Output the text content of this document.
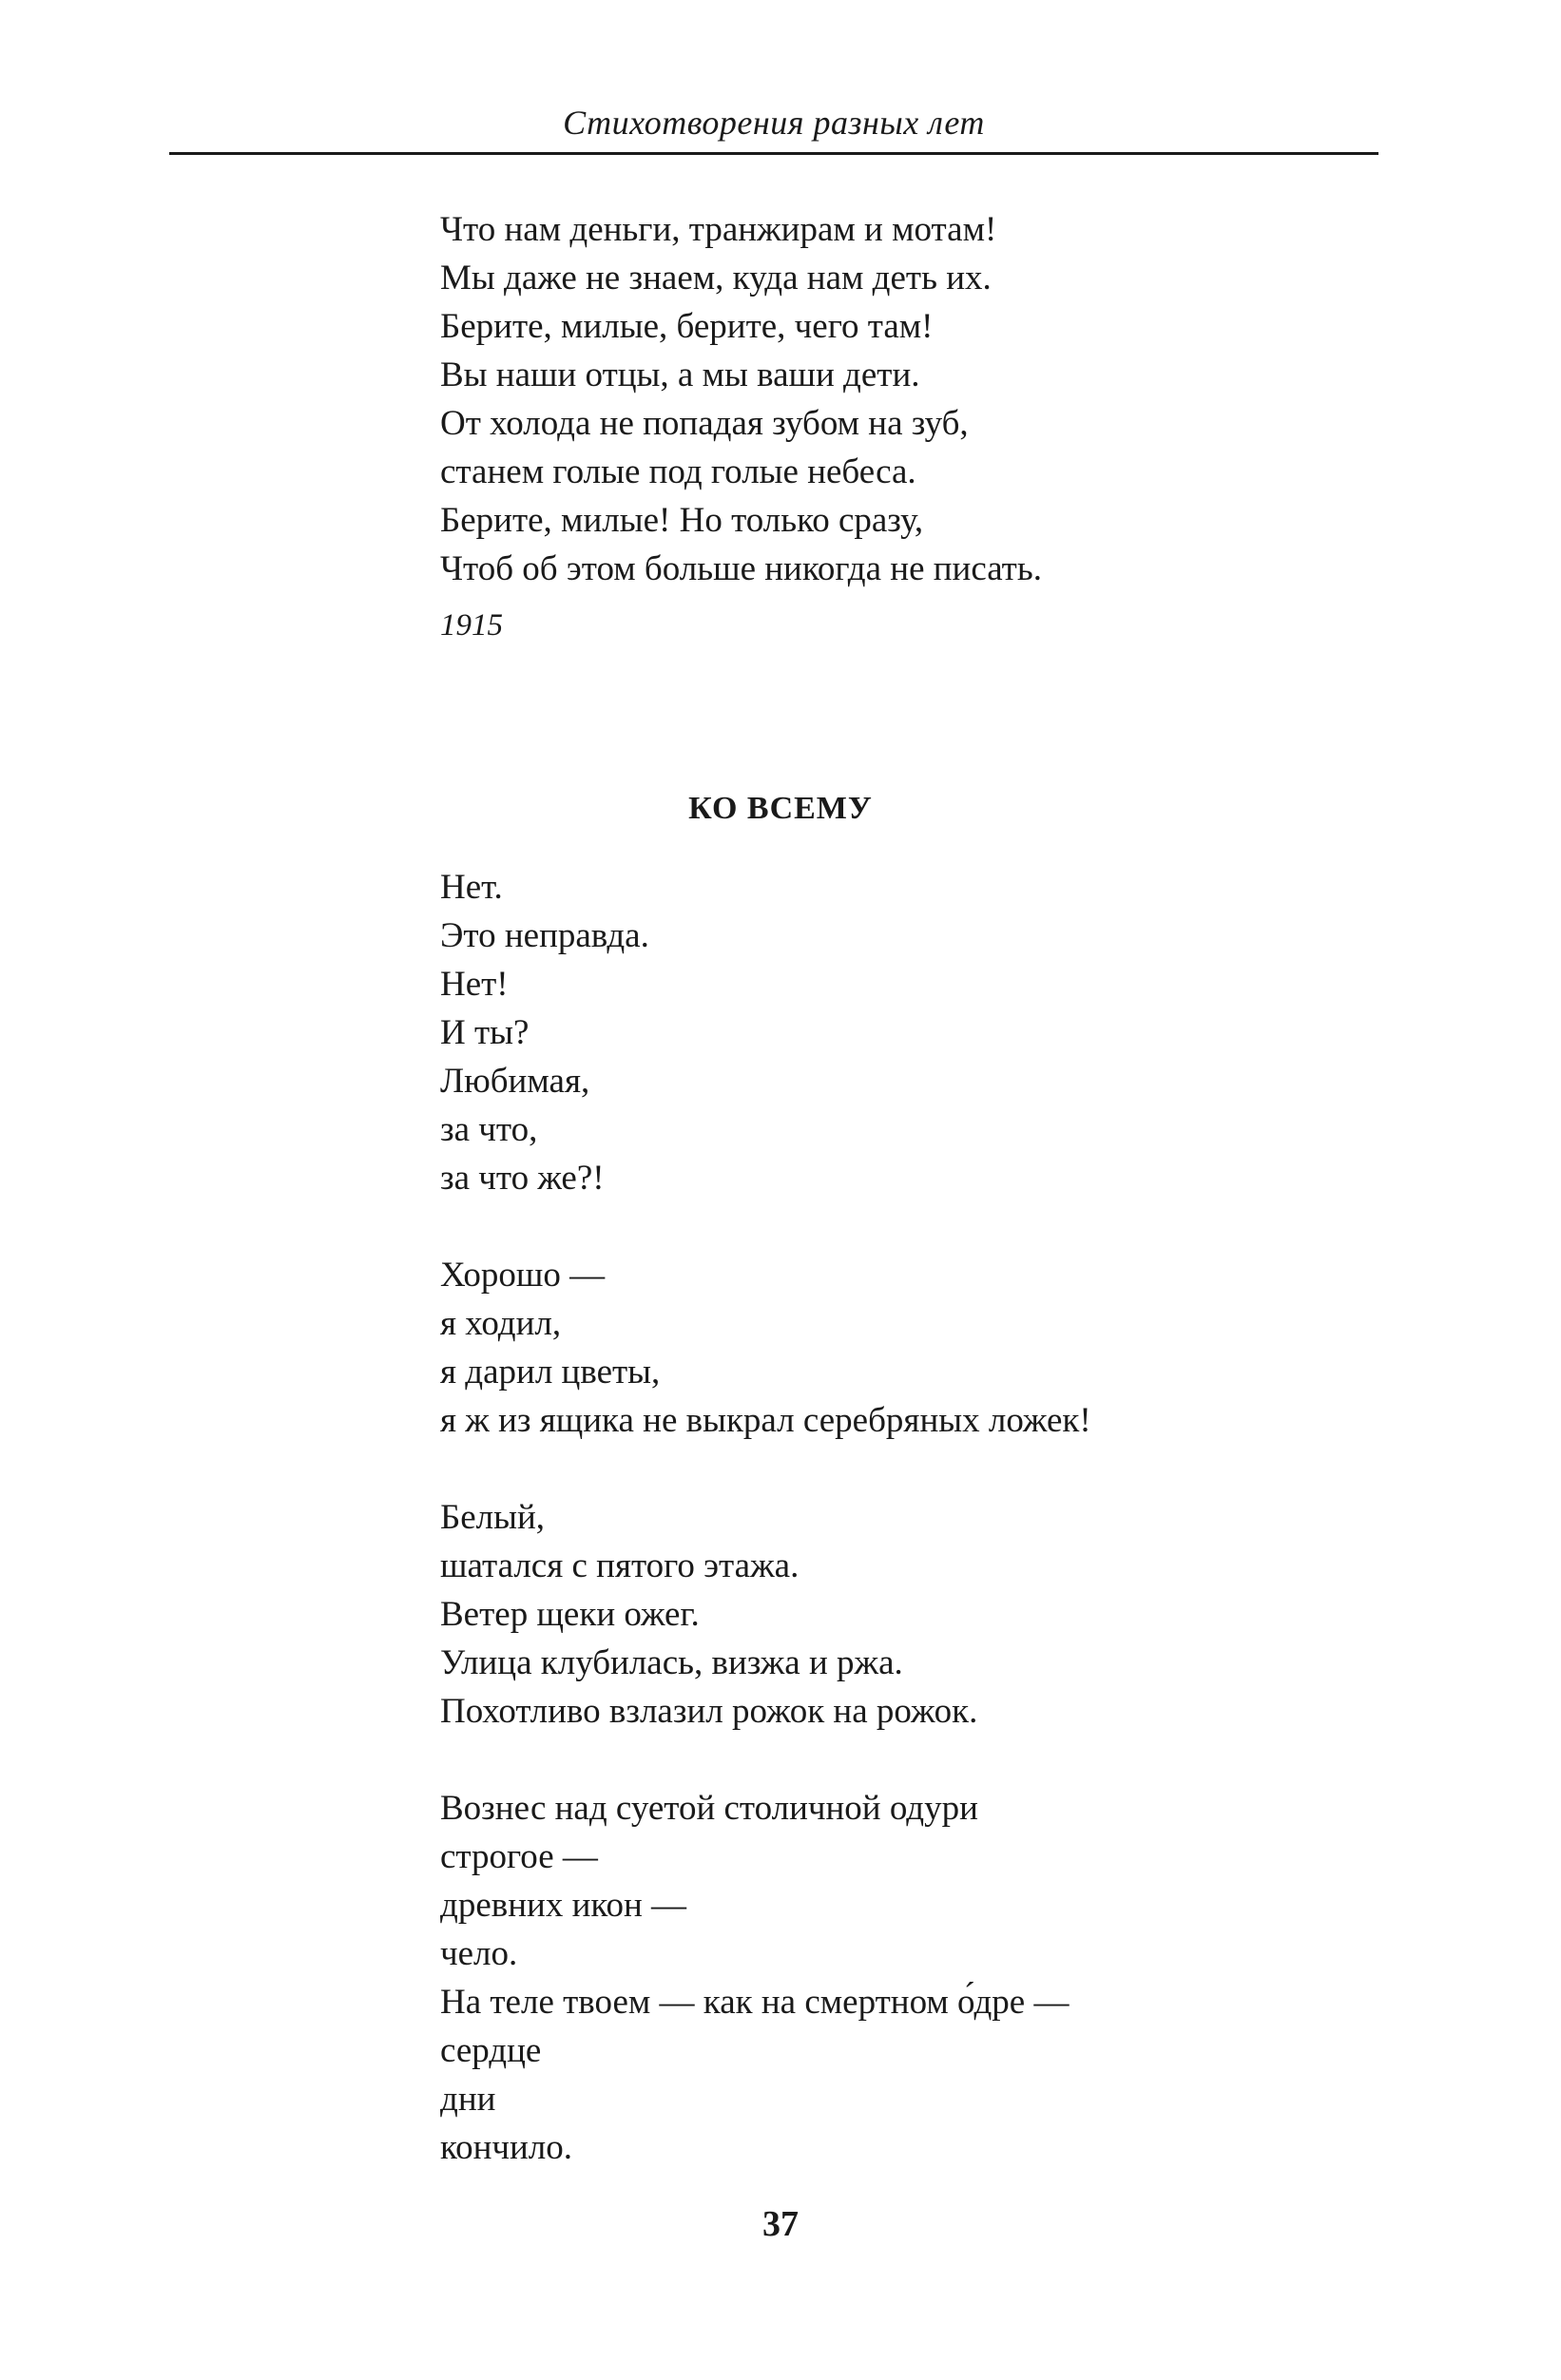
Стихотворения разных лет
Что нам деньги, транжирам и мотам!
Мы даже не знаем, куда нам деть их.
Берите, милые, берите, чего там!
Вы наши отцы, а мы ваши дети.
От холода не попадая зубом на зуб,
станем голые под голые небеса.
Берите, милые! Но только сразу,
Чтоб об этом больше никогда не писать.
1915
КО ВСЕМУ
Нет.
Это неправда.
Нет!
И ты?
Любимая,
за что,
за что же?!
Хорошо —
я ходил,
я дарил цветы,
я ж из ящика не выкрал серебряных ложек!
Белый,
шатался с пятого этажа.
Ветер щеки ожег.
Улица клубилась, визжа и ржа.
Похотливо взлазил рожок на рожок.
Вознес над суетой столичной одури
строгое —
древних икон —
чело.
На теле твоем — как на смертном о́дре —
сердце
дни
кончило.
37
